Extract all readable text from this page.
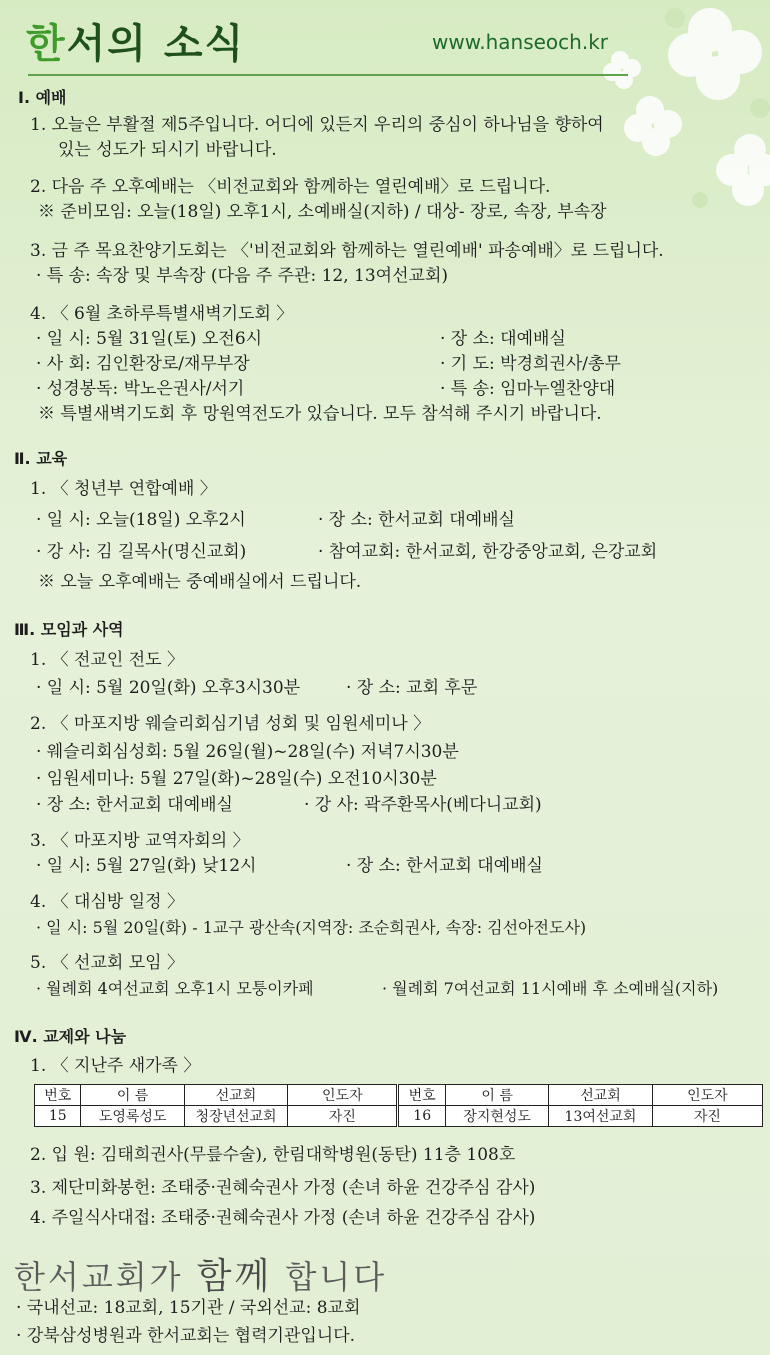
한서의 소식	www.hanseoch.kr
Ⅰ. 예배
1. 오늘은 부활절 제5주입니다. 어디에 있든지 우리의 중심이 하나님을 향하여
있는 성도가 되시기 바랍니다.
2. 다음 주 오후예배는 〈비전교회와 함께하는 열린예배〉로 드립니다.
※ 준비모임: 오늘(18일) 오후1시, 소예배실(지하) / 대상- 장로, 속장, 부속장
3. 금 주 목요찬양기도회는 〈'비전교회와 함께하는 열린예배' 파송예배〉로 드립니다.
· 특 송: 속장 및 부속장 (다음 주 주관: 12, 13여선교회)
4. 〈 6월 초하루특별새벽기도회 〉
· 일 시: 5월 31일(토) 오전6시	· 장 소: 대예배실
· 사 회: 김인환장로/재무부장	· 기 도: 박경희권사/총무
· 성경봉독: 박노은권사/서기	· 특 송: 임마누엘찬양대
※ 특별새벽기도회 후 망원역전도가 있습니다. 모두 참석해 주시기 바랍니다.
Ⅱ. 교육
1. 〈 청년부 연합예배 〉
· 일 시: 오늘(18일) 오후2시	· 장 소: 한서교회 대예배실
· 강 사: 김 길목사(명신교회)	· 참여교회: 한서교회, 한강중앙교회, 은강교회
※ 오늘 오후예배는 중예배실에서 드립니다.
Ⅲ. 모임과 사역
1. 〈 전교인 전도 〉
· 일 시: 5월 20일(화) 오후3시30분	· 장 소: 교회 후문
2. 〈 마포지방 웨슬리회심기념 성회 및 임원세미나 〉
· 웨슬리회심성회: 5월 26일(월)~28일(수) 저녁7시30분
· 임원세미나: 5월 27일(화)~28일(수) 오전10시30분
· 장 소: 한서교회 대예배실	· 강 사: 곽주환목사(베다니교회)
3. 〈 마포지방 교역자회의 〉
· 일 시: 5월 27일(화) 낮12시	· 장 소: 한서교회 대예배실
4. 〈 대심방 일정 〉
· 일 시: 5월 20일(화) - 1교구 광산속(지역장: 조순희권사, 속장: 김선아전도사)
5. 〈 선교회 모임 〉
· 월례회 4여선교회 오후1시 모퉁이카페	· 월례회 7여선교회 11시예배 후 소예배실(지하)
Ⅳ. 교제와 나눔
1. 〈 지난주 새가족 〉
번호	이 름	선교회	인도자	번호	이 름	선교회	인도자
15	도영록성도	청장년선교회	자진	16	장지현성도	13여선교회	자진
2. 입 원: 김태희권사(무릎수술), 한림대학병원(동탄) 11층 108호
3. 제단미화봉헌: 조태중·권혜숙권사 가정 (손녀 하윤 건강주심 감사)
4. 주일식사대접: 조태중·권혜숙권사 가정 (손녀 하윤 건강주심 감사)
한서교회가 함께 합니다
· 국내선교: 18교회, 15기관 / 국외선교: 8교회
· 강북삼성병원과 한서교회는 협력기관입니다.
